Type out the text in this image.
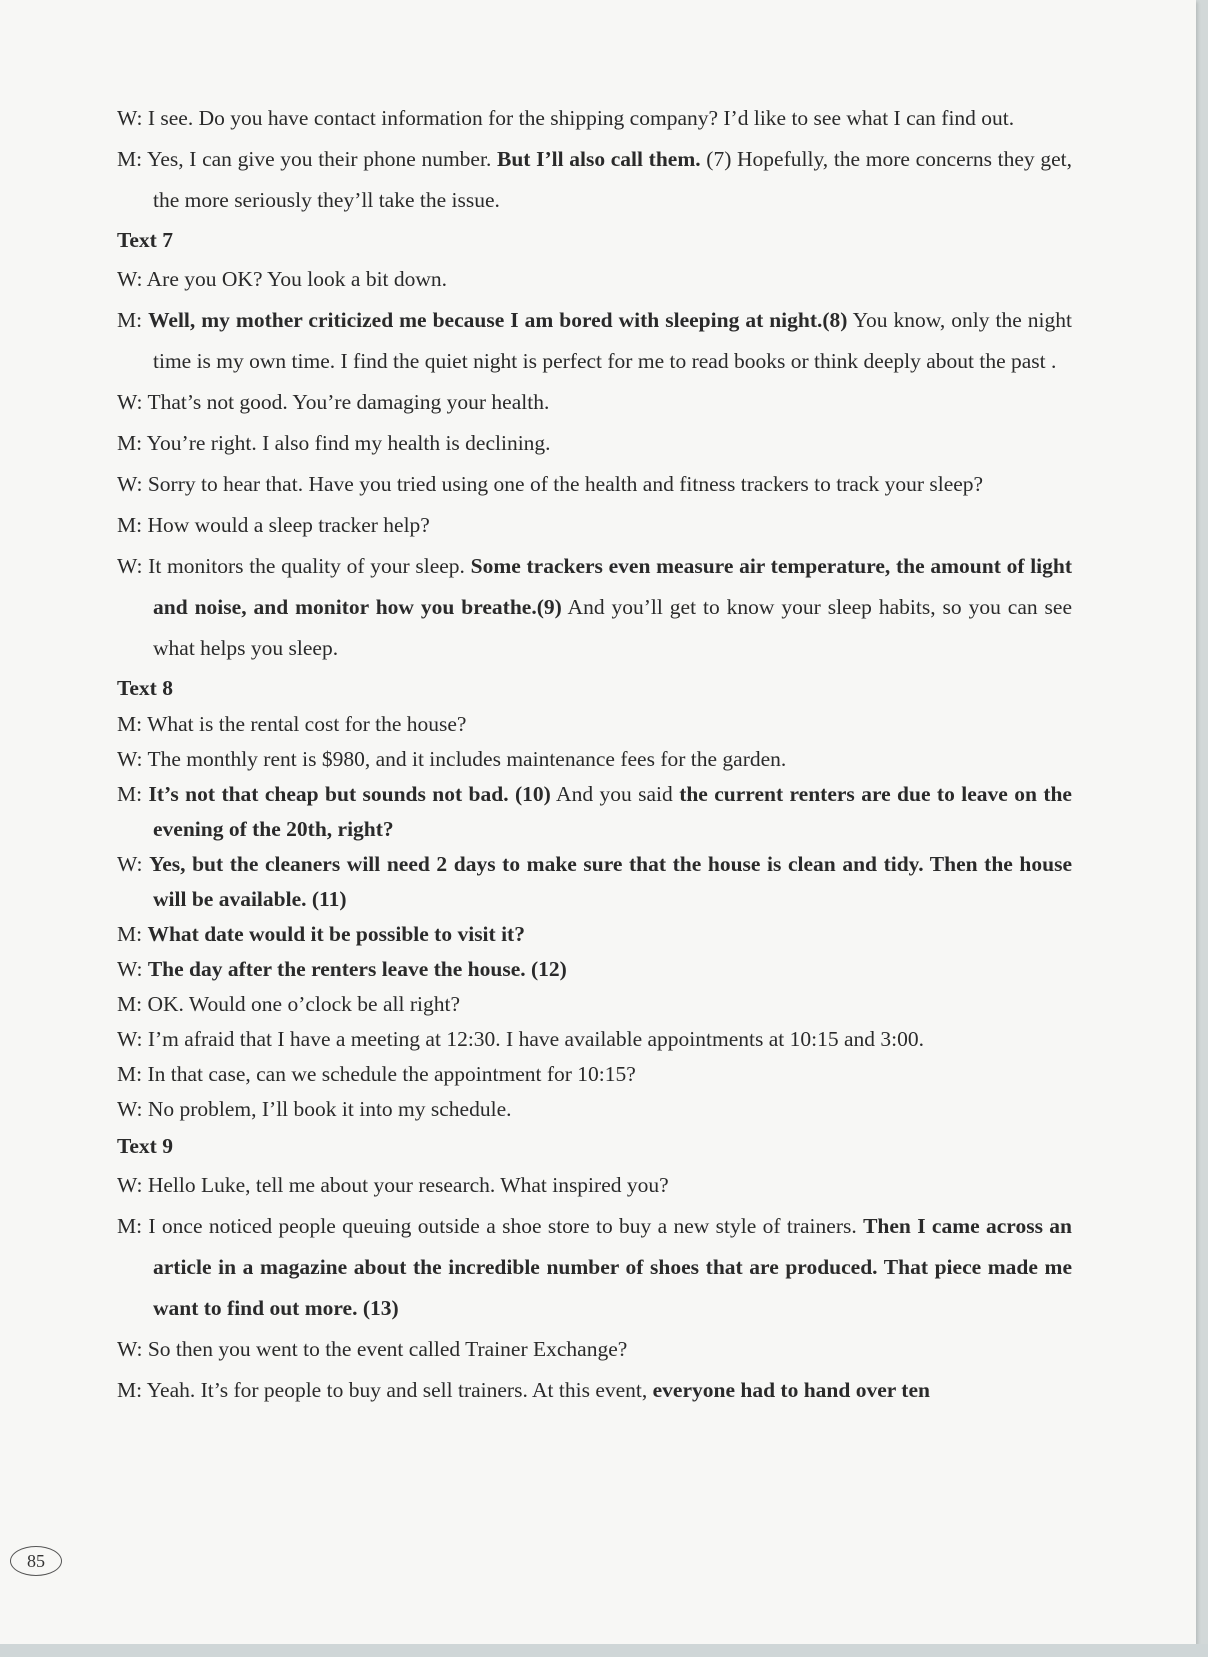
W: I see. Do you have contact information for the shipping company? I’d like to see what I can find out.

M: Yes, I can give you their phone number. But I’ll also call them. (7) Hopefully, the more concerns they get, the more seriously they’ll take the issue.

Text 7

W: Are you OK? You look a bit down.

M: Well, my mother criticized me because I am bored with sleeping at night.(8) You know, only the night time is my own time. I find the quiet night is perfect for me to read books or think deeply about the past .

W: That’s not good. You’re damaging your health.

M: You’re right. I also find my health is declining.

W: Sorry to hear that. Have you tried using one of the health and fitness trackers to track your sleep?

M: How would a sleep tracker help?

W: It monitors the quality of your sleep. Some trackers even measure air temperature, the amount of light and noise, and monitor how you breathe.(9) And you’ll get to know your sleep habits, so you can see what helps you sleep.

Text 8

M: What is the rental cost for the house?

W: The monthly rent is $980, and it includes maintenance fees for the garden.

M: It’s not that cheap but sounds not bad. (10) And you said the current renters are due to leave on the evening of the 20th, right?

W: Yes, but the cleaners will need 2 days to make sure that the house is clean and tidy. Then the house will be available. (11)

M: What date would it be possible to visit it?

W: The day after the renters leave the house. (12)

M: OK. Would one o’clock be all right?

W: I’m afraid that I have a meeting at 12:30. I have available appointments at 10:15 and 3:00.

M: In that case, can we schedule the appointment for 10:15?

W: No problem, I’ll book it into my schedule.

Text 9

W: Hello Luke, tell me about your research. What inspired you?

M: I once noticed people queuing outside a shoe store to buy a new style of trainers. Then I came across an article in a magazine about the incredible number of shoes that are produced. That piece made me want to find out more. (13)

W: So then you went to the event called Trainer Exchange?

M: Yeah. It’s for people to buy and sell trainers. At this event, everyone had to hand over ten

85
